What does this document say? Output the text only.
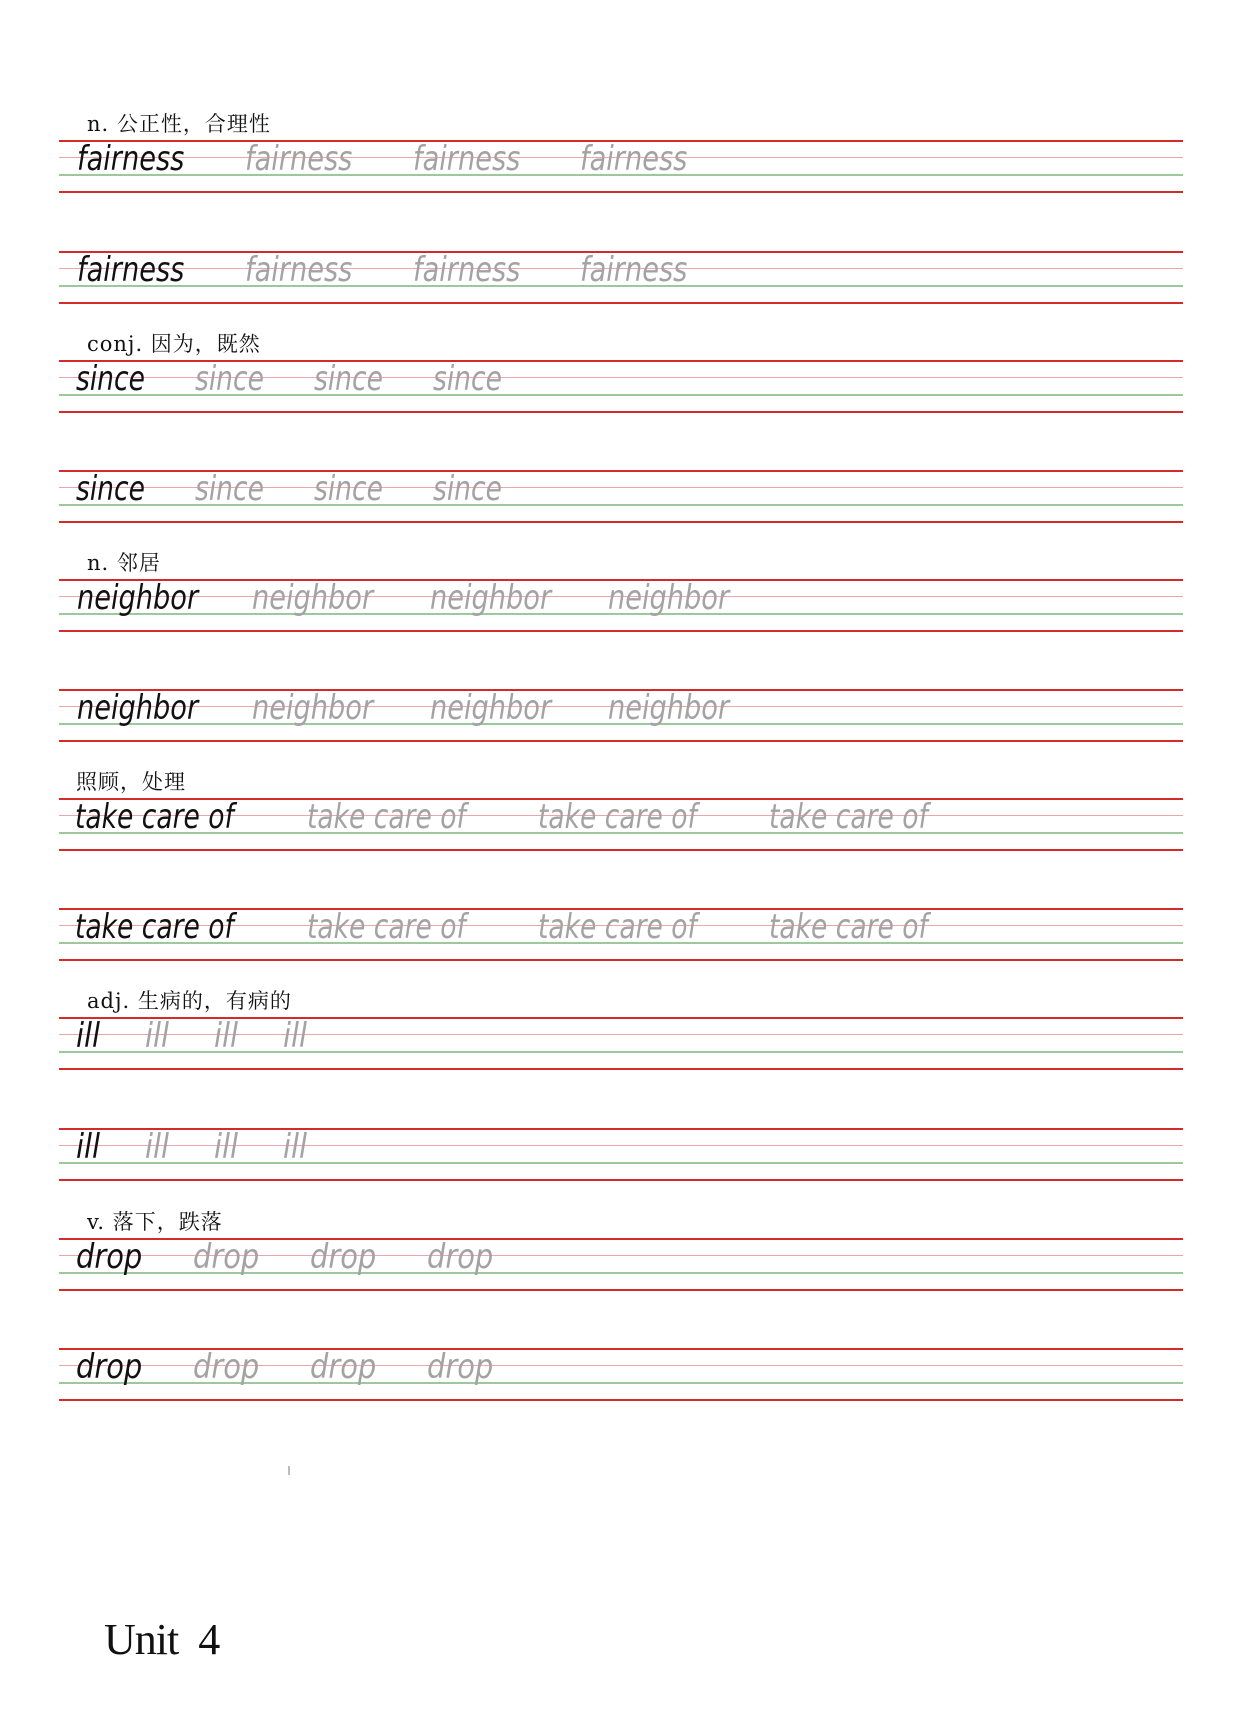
n. 公正性，合理性
fairness fairness fairness fairness
fairness fairness fairness fairness
conj. 因为，既然
since since since since
since since since since
n. 邻居
neighbor neighbor neighbor neighbor
neighbor neighbor neighbor neighbor
照顾，处理
take care of take care of take care of take care of
take care of take care of take care of take care of
adj. 生病的，有病的
ill ill ill ill
ill ill ill ill
v. 落下，跌落
drop drop drop drop
drop drop drop drop
Unit  4
